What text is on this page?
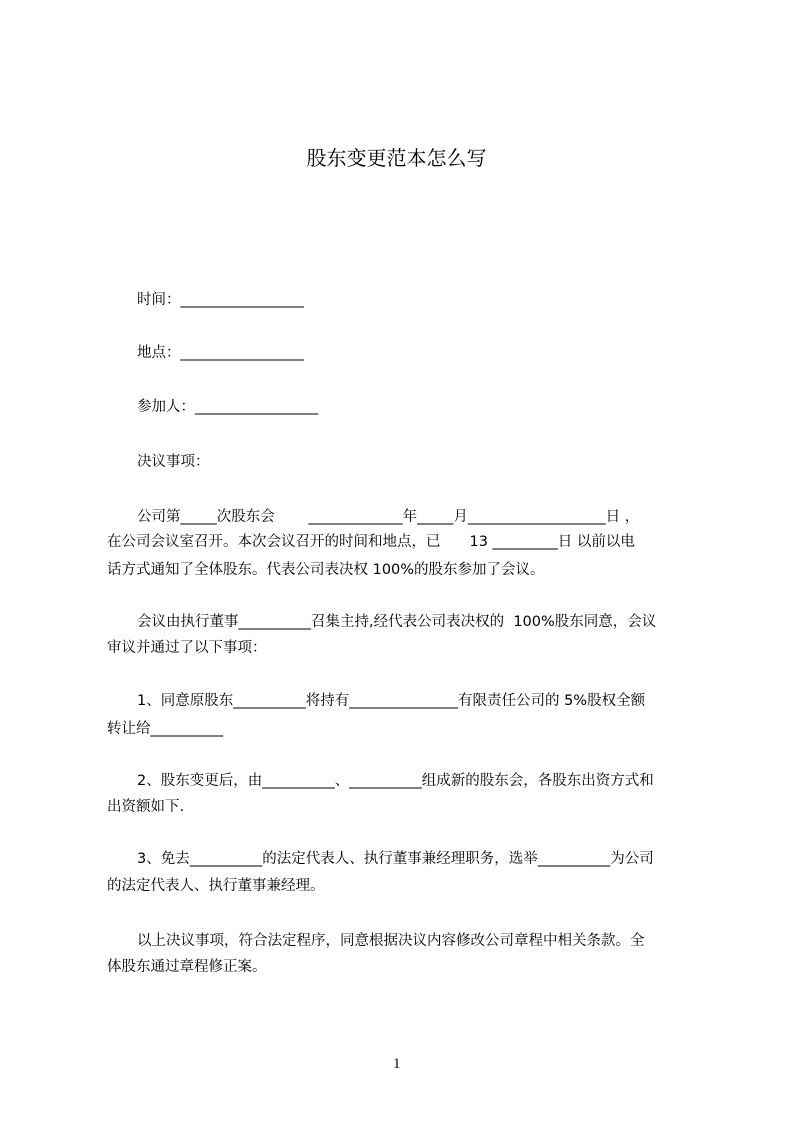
股东变更范本怎么写
时间：_________________
地点：_________________
参加人：_________________
决议事项：
公司第_____次股东会　　 _____________年_____月___________________日 ，
在公司会议室召开。本次会议召开的时间和地点，已　　13 _________日 以前以电
话方式通知了全体股东。代表公司表决权 100%的股东参加了会议。
会议由执行董事__________召集主持,经代表公司表决权的  100%股东同意，会议
审议并通过了以下事项：
1、同意原股东__________将持有_______________有限责任公司的 5%股权全额
转让给__________
2、股东变更后，由__________、__________组成新的股东会，各股东出资方式和
出资额如下.
3、免去__________的法定代表人、执行董事兼经理职务，选举__________为公司
的法定代表人、执行董事兼经理。
以上决议事项，符合法定程序，同意根据决议内容修改公司章程中相关条款。全
体股东通过章程修正案。
1
